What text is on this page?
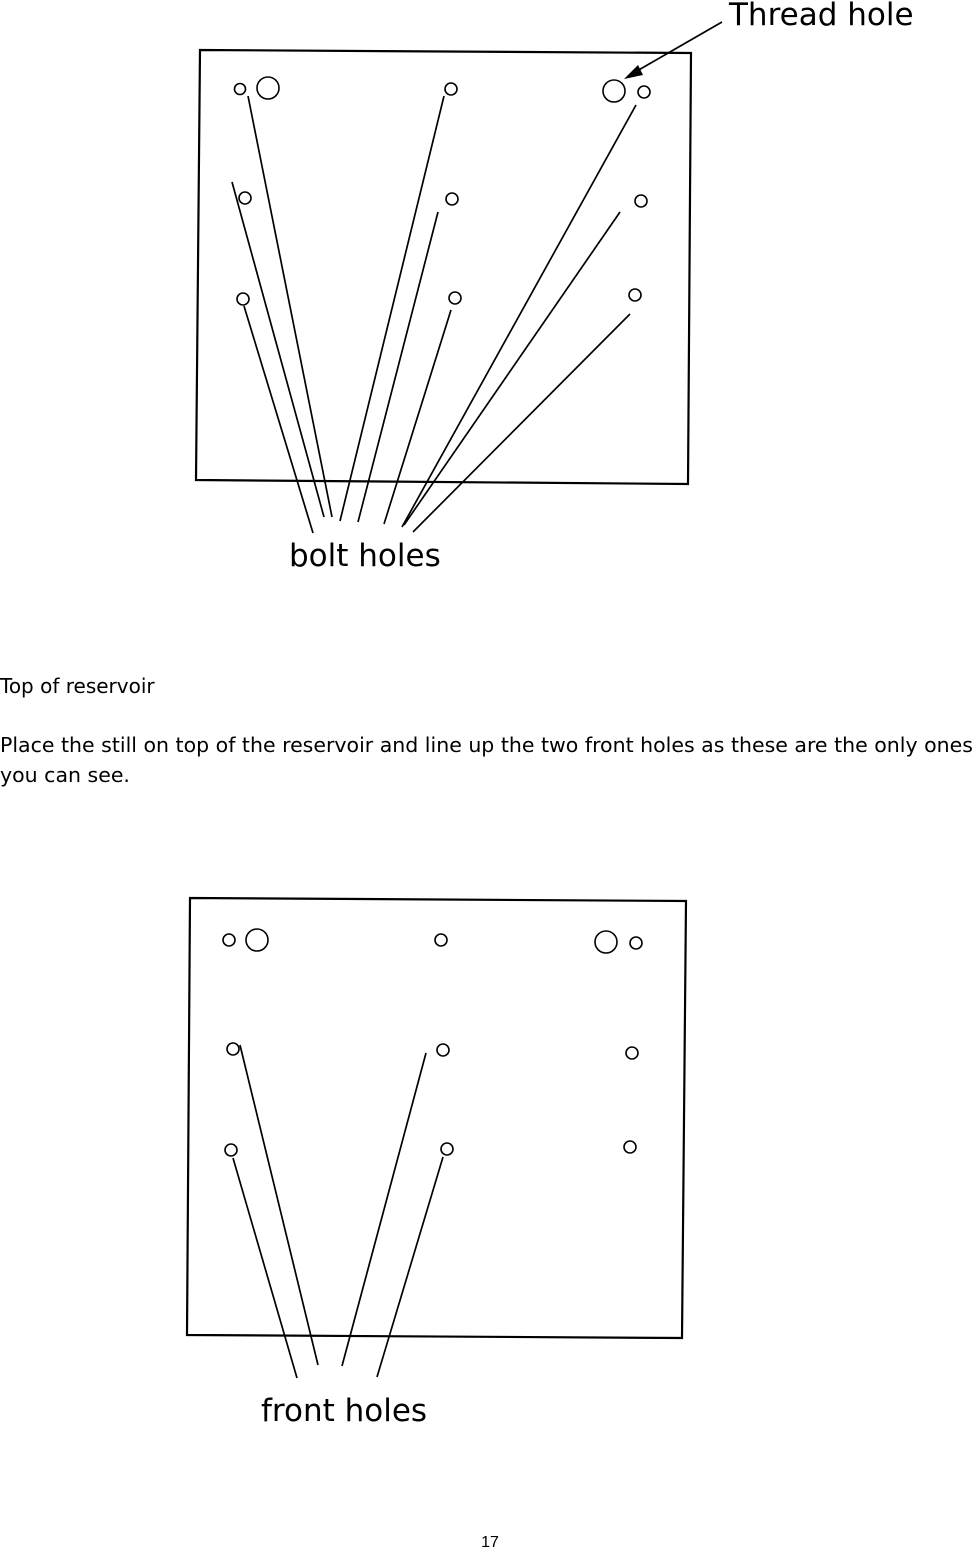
Thread hole
bolt holes

Top of reservoir

Place the still on top of the reservoir and line up the two front holes as these are the only ones you can see.

front holes
17
